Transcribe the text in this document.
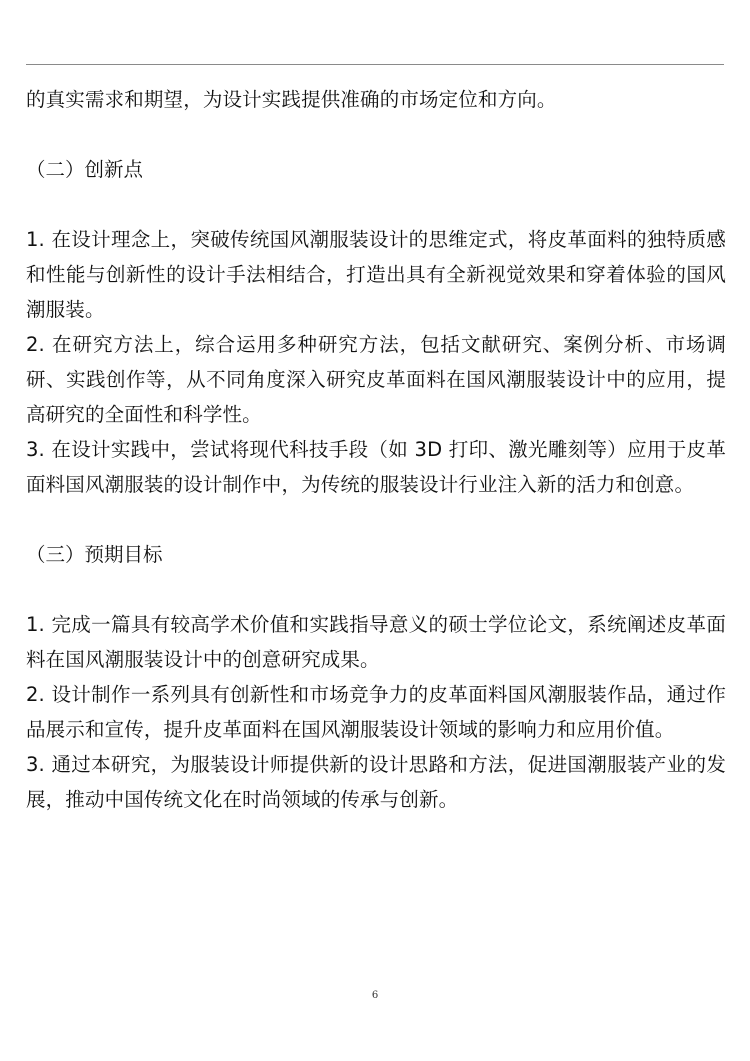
的真实需求和期望，为设计实践提供准确的市场定位和方向。

（二）创新点

1. 在设计理念上，突破传统国风潮服装设计的思维定式，将皮革面料的独特质感和性能与创新性的设计手法相结合，打造出具有全新视觉效果和穿着体验的国风潮服装。

2. 在研究方法上，综合运用多种研究方法，包括文献研究、案例分析、市场调研、实践创作等，从不同角度深入研究皮革面料在国风潮服装设计中的应用，提高研究的全面性和科学性。

3. 在设计实践中，尝试将现代科技手段（如 3D 打印、激光雕刻等）应用于皮革面料国风潮服装的设计制作中，为传统的服装设计行业注入新的活力和创意。

（三）预期目标

1. 完成一篇具有较高学术价值和实践指导意义的硕士学位论文，系统阐述皮革面料在国风潮服装设计中的创意研究成果。

2. 设计制作一系列具有创新性和市场竞争力的皮革面料国风潮服装作品，通过作品展示和宣传，提升皮革面料在国风潮服装设计领域的影响力和应用价值。

3. 通过本研究，为服装设计师提供新的设计思路和方法，促进国潮服装产业的发展，推动中国传统文化在时尚领域的传承与创新。

6
